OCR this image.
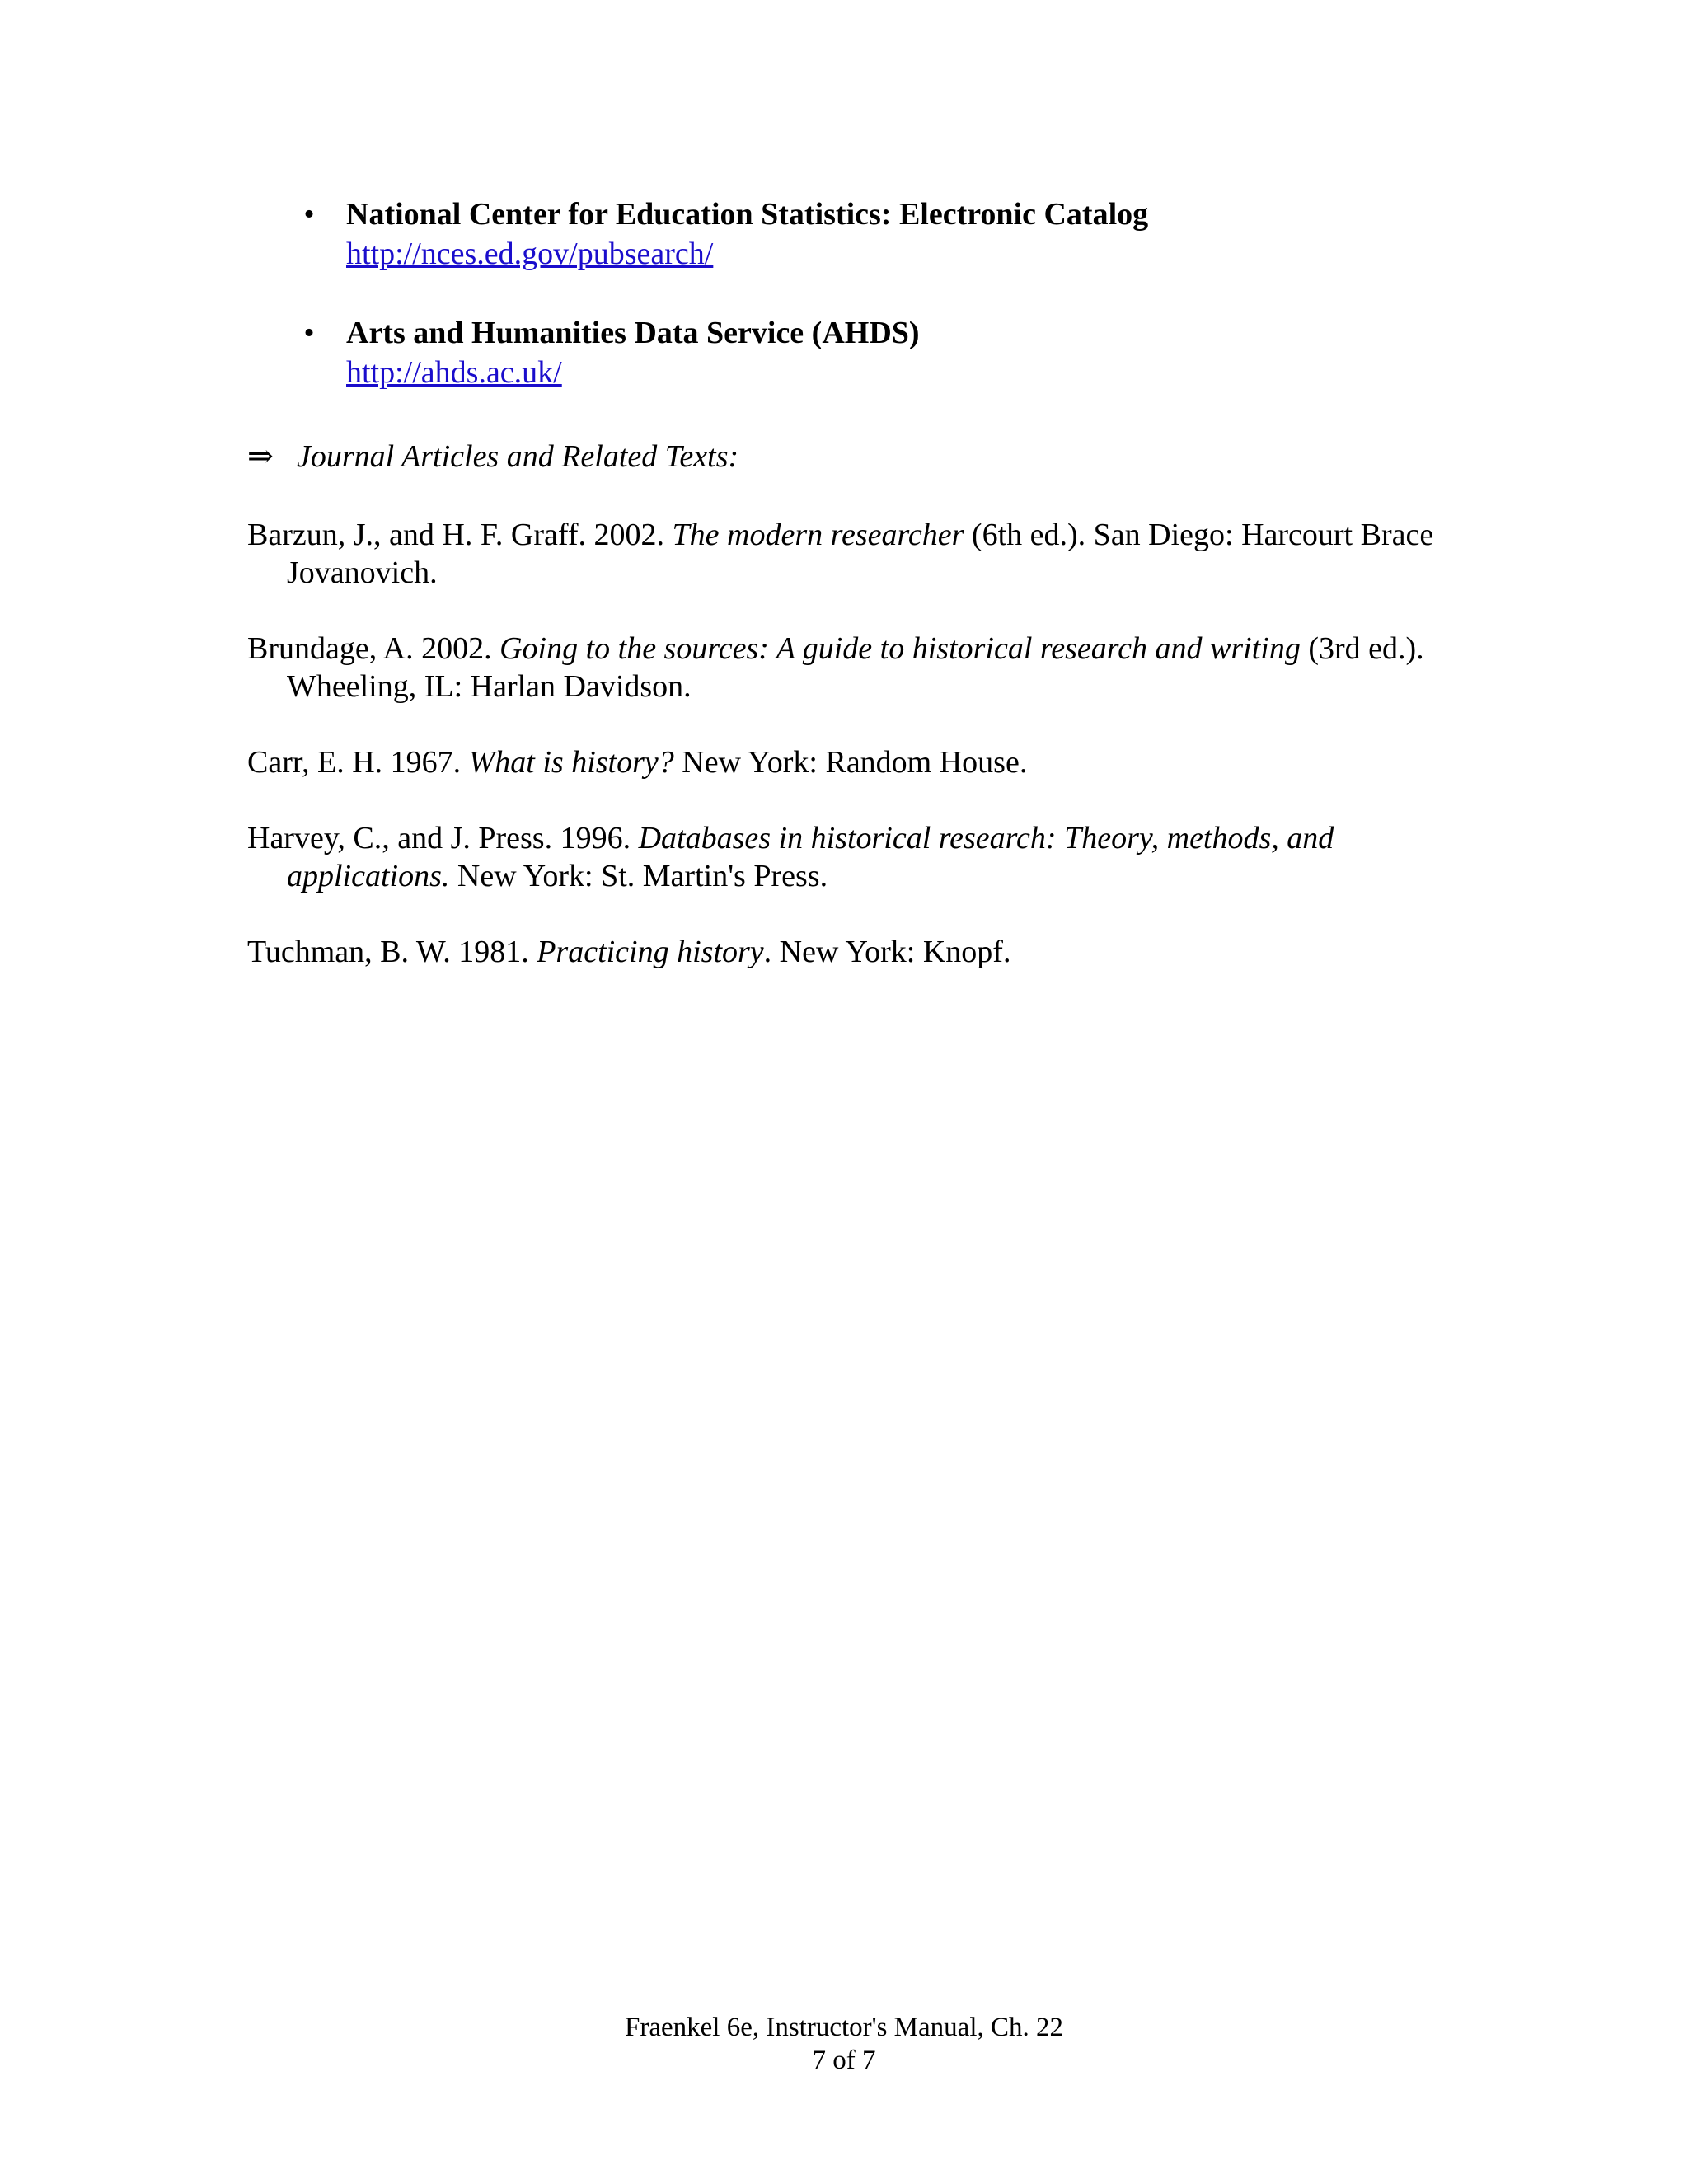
• National Center for Education Statistics: Electronic Catalog
http://nces.ed.gov/pubsearch/
• Arts and Humanities Data Service (AHDS)
http://ahds.ac.uk/
⇒ Journal Articles and Related Texts:
Barzun, J., and H. F. Graff. 2002. The modern researcher (6th ed.). San Diego: Harcourt Brace Jovanovich.
Brundage, A. 2002. Going to the sources: A guide to historical research and writing (3rd ed.). Wheeling, IL: Harlan Davidson.
Carr, E. H. 1967. What is history? New York: Random House.
Harvey, C., and J. Press. 1996. Databases in historical research: Theory, methods, and applications. New York: St. Martin's Press.
Tuchman, B. W. 1981. Practicing history. New York: Knopf.
Fraenkel 6e, Instructor's Manual, Ch. 22
7 of 7
